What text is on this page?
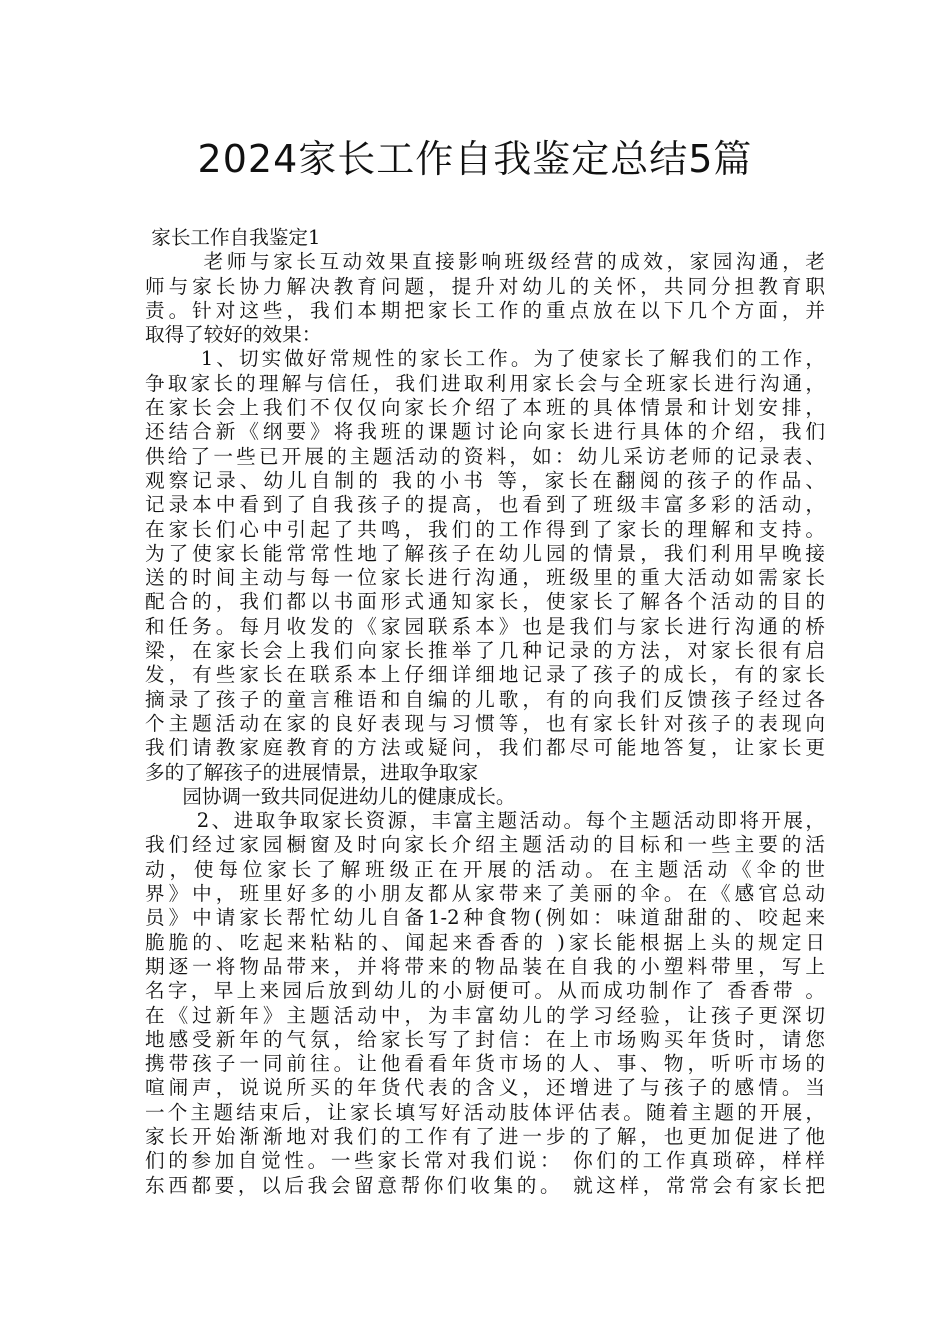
2024家长工作自我鉴定总结5篇
家长工作自我鉴定1
老师与家长互动效果直接影响班级经营的成效，家园沟通，老
师与家长协力解决教育问题，提升对幼儿的关怀，共同分担教育职
责。针对这些，我们本期把家长工作的重点放在以下几个方面，并
取得了较好的效果：
1、切实做好常规性的家长工作。为了使家长了解我们的工作，
争取家长的理解与信任，我们进取利用家长会与全班家长进行沟通，
在家长会上我们不仅仅向家长介绍了本班的具体情景和计划安排，
还结合新《纲要》将我班的课题讨论向家长进行具体的介绍，我们
供给了一些已开展的主题活动的资料，如：幼儿采访老师的记录表、
观察记录、幼儿自制的 我的小书 等，家长在翻阅的孩子的作品、
记录本中看到了自我孩子的提高，也看到了班级丰富多彩的活动，
在家长们心中引起了共鸣，我们的工作得到了家长的理解和支持。
为了使家长能常常性地了解孩子在幼儿园的情景，我们利用早晚接
送的时间主动与每一位家长进行沟通，班级里的重大活动如需家长
配合的，我们都以书面形式通知家长，使家长了解各个活动的目的
和任务。每月收发的《家园联系本》也是我们与家长进行沟通的桥
梁，在家长会上我们向家长推举了几种记录的方法，对家长很有启
发，有些家长在联系本上仔细详细地记录了孩子的成长，有的家长
摘录了孩子的童言稚语和自编的儿歌，有的向我们反馈孩子经过各
个主题活动在家的良好表现与习惯等，也有家长针对孩子的表现向
我们请教家庭教育的方法或疑问，我们都尽可能地答复，让家长更
多的了解孩子的进展情景，进取争取家
园协调一致共同促进幼儿的健康成长。
2、进取争取家长资源，丰富主题活动。每个主题活动即将开展，
我们经过家园橱窗及时向家长介绍主题活动的目标和一些主要的活
动，使每位家长了解班级正在开展的活动。在主题活动《伞的世
界》中，班里好多的小朋友都从家带来了美丽的伞。在《感官总动
员》中请家长帮忙幼儿自备1-2种食物(例如：味道甜甜的、咬起来
脆脆的、吃起来粘粘的、闻起来香香的 )家长能根据上头的规定日
期逐一将物品带来，并将带来的物品装在自我的小塑料带里，写上
名字，早上来园后放到幼儿的小厨便可。从而成功制作了 香香带 。
在《过新年》主题活动中，为丰富幼儿的学习经验，让孩子更深切
地感受新年的气氛，给家长写了封信：在上市场购买年货时，请您
携带孩子一同前往。让他看看年货市场的人、事、物，听听市场的
喧闹声，说说所买的年货代表的含义，还增进了与孩子的感情。当
一个主题结束后，让家长填写好活动肢体评估表。随着主题的开展，
家长开始渐渐地对我们的工作有了进一步的了解，也更加促进了他
们的参加自觉性。一些家长常对我们说： 你们的工作真琐碎，样样
东西都要，以后我会留意帮你们收集的。 就这样，常常会有家长把
